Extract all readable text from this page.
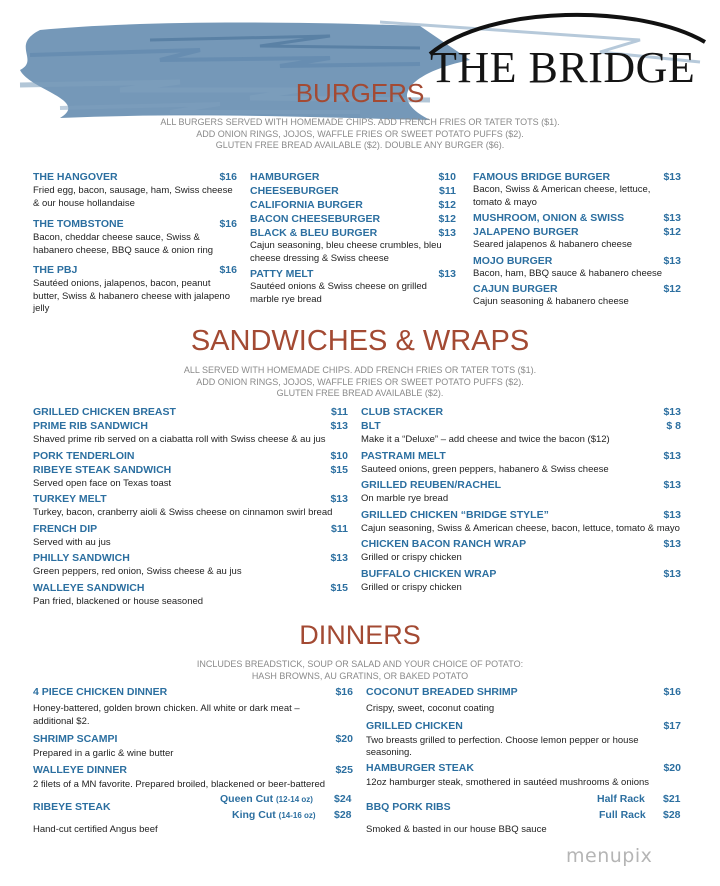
THE BRIDGE
BURGERS
ALL BURGERS SERVED WITH HOMEMADE CHIPS. ADD FRENCH FRIES OR TATER TOTS ($1).
ADD ONION RINGS, JOJOS, WAFFLE FRIES OR SWEET POTATO PUFFS ($2).
GLUTEN FREE BREAD AVAILABLE ($2). DOUBLE ANY BURGER ($6).
THE HANGOVER	$16
Fried egg, bacon, sausage, ham, Swiss cheese & our house hollandaise
THE TOMBSTONE	$16
Bacon, cheddar cheese sauce, Swiss & habanero cheese, BBQ sauce & onion ring
THE PBJ	$16
Sautéed onions, jalapenos, bacon, peanut butter, Swiss & habanero cheese with jalapeno jelly
HAMBURGER	$10
CHEESEBURGER	$11
CALIFORNIA BURGER	$12
BACON CHEESEBURGER	$12
BLACK & BLEU BURGER	$13
Cajun seasoning, bleu cheese crumbles, bleu cheese dressing & Swiss cheese
PATTY MELT	$13
Sautéed onions & Swiss cheese on grilled marble rye bread
FAMOUS BRIDGE BURGER	$13
Bacon, Swiss & American cheese, lettuce, tomato & mayo
MUSHROOM, ONION & SWISS	$13
JALAPENO BURGER	$12
Seared jalapenos & habanero cheese
MOJO BURGER	$13
Bacon, ham, BBQ sauce & habanero cheese
CAJUN BURGER	$12
Cajun seasoning & habanero cheese
SANDWICHES & WRAPS
ALL SERVED WITH HOMEMADE CHIPS. ADD FRENCH FRIES OR TATER TOTS ($1).
ADD ONION RINGS, JOJOS, WAFFLE FRIES OR SWEET POTATO PUFFS ($2).
GLUTEN FREE BREAD AVAILABLE ($2).
GRILLED CHICKEN BREAST	$11
PRIME RIB SANDWICH	$13
Shaved prime rib served on a ciabatta roll with Swiss cheese & au jus
PORK TENDERLOIN	$10
RIBEYE STEAK SANDWICH	$15
Served open face on Texas toast
TURKEY MELT	$13
Turkey, bacon, cranberry aioli & Swiss cheese on cinnamon swirl bread
FRENCH DIP	$11
Served with au jus
PHILLY SANDWICH	$13
Green peppers, red onion, Swiss cheese & au jus
WALLEYE SANDWICH	$15
Pan fried, blackened or house seasoned
CLUB STACKER	$13
BLT	$ 8
Make it a “Deluxe” – add cheese and twice the bacon ($12)
PASTRAMI MELT	$13
Sauteed onions, green peppers, habanero & Swiss cheese
GRILLED REUBEN/RACHEL	$13
On marble rye bread
GRILLED CHICKEN “BRIDGE STYLE”	$13
Cajun seasoning, Swiss & American cheese, bacon, lettuce, tomato & mayo
CHICKEN BACON RANCH WRAP	$13
Grilled or crispy chicken
BUFFALO CHICKEN WRAP	$13
Grilled or crispy chicken
DINNERS
INCLUDES BREADSTICK, SOUP OR SALAD AND YOUR CHOICE OF POTATO:
HASH BROWNS, AU GRATINS, OR BAKED POTATO
4 PIECE CHICKEN DINNER	$16
Honey-battered, golden brown chicken. All white or dark meat – additional $2.
SHRIMP SCAMPI	$20
Prepared in a garlic & wine butter
WALLEYE DINNER	$25
2 filets of a MN favorite. Prepared broiled, blackened or beer-battered
RIBEYE STEAK
Queen Cut (12-14 oz) $24
King Cut (14-16 oz) $28
Hand-cut certified Angus beef
COCONUT BREADED SHRIMP	$16
Crispy, sweet, coconut coating
GRILLED CHICKEN	$17
Two breasts grilled to perfection. Choose lemon pepper or house seasoning.
HAMBURGER STEAK	$20
12oz hamburger steak, smothered in sautéed mushrooms & onions
BBQ PORK RIBS
Half Rack $21
Full Rack $28
Smoked & basted in our house BBQ sauce
menupix
